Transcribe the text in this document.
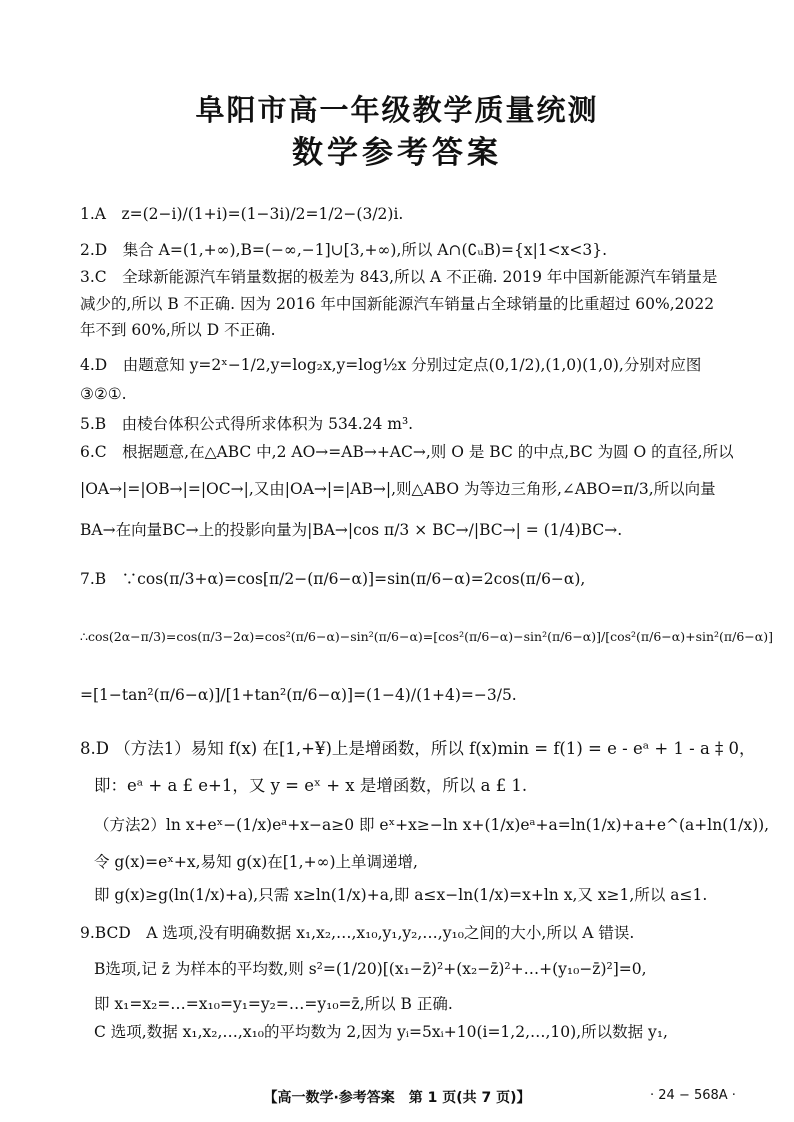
阜阳市高一年级教学质量统测
数学参考答案
1.A　z=(2−i)/(1+i)=(1−3i)/2=1/2−(3/2)i.
2.D　集合 A=(1,+∞),B=(−∞,−1]∪[3,+∞),所以 A∩(∁ᵤB)={x|1<x<3}.
3.C　全球新能源汽车销量数据的极差为 843,所以 A 不正确. 2019 年中国新能源汽车销量是
减少的,所以 B 不正确. 因为 2016 年中国新能源汽车销量占全球销量的比重超过 60%,2022
年不到 60%,所以 D 不正确.
4.D　由题意知 y=2ˣ−1/2,y=log₂x,y=log½x 分别过定点(0,1/2),(1,0)(1,0),分别对应图
③②①.
5.B　由棱台体积公式得所求体积为 534.24 m³.
6.C　根据题意,在△ABC 中,2 AO→=AB→+AC→,则 O 是 BC 的中点,BC 为圆 O 的直径,所以
|OA→|=|OB→|=|OC→|,又由|OA→|=|AB→|,则△ABO 为等边三角形,∠ABO=π/3,所以向量
BA→在向量BC→上的投影向量为|BA→|cos π/3 × BC→/|BC→| = (1/4)BC→.
7.B　∵cos(π/3+α)=cos[π/2−(π/6−α)]=sin(π/6−α)=2cos(π/6−α),
∴cos(2α−π/3)=cos(π/3−2α)=cos²(π/6−α)−sin²(π/6−α)=[cos²(π/6−α)−sin²(π/6−α)]/[cos²(π/6−α)+sin²(π/6−α)]
=[1−tan²(π/6−α)]/[1+tan²(π/6−α)]=(1−4)/(1+4)=−3/5.
8.D （方法1）易知 f(x) 在[1,+¥)上是增函数，所以 f(x)min = f(1) = e - eᵃ + 1 - a ‡ 0，
即：eᵃ + a £ e+1，又 y = eˣ + x 是增函数，所以 a £ 1.
（方法2）ln x+eˣ−(1/x)eᵃ+x−a≥0 即 eˣ+x≥−ln x+(1/x)eᵃ+a=ln(1/x)+a+e^(a+ln(1/x)),
令 g(x)=eˣ+x,易知 g(x)在[1,+∞)上单调递增,
即 g(x)≥g(ln(1/x)+a),只需 x≥ln(1/x)+a,即 a≤x−ln(1/x)=x+ln x,又 x≥1,所以 a≤1.
9.BCD　A 选项,没有明确数据 x₁,x₂,…,x₁₀,y₁,y₂,…,y₁₀之间的大小,所以 A 错误.
B选项,记 z̄ 为样本的平均数,则 s²=(1/20)[(x₁−z̄)²+(x₂−z̄)²+…+(y₁₀−z̄)²]=0,
即 x₁=x₂=…=x₁₀=y₁=y₂=…=y₁₀=z̄,所以 B 正确.
C 选项,数据 x₁,x₂,…,x₁₀的平均数为 2,因为 yᵢ=5xᵢ+10(i=1,2,…,10),所以数据 y₁,
【高一数学·参考答案　第 1 页(共 7 页)】	· 24 − 568A ·
